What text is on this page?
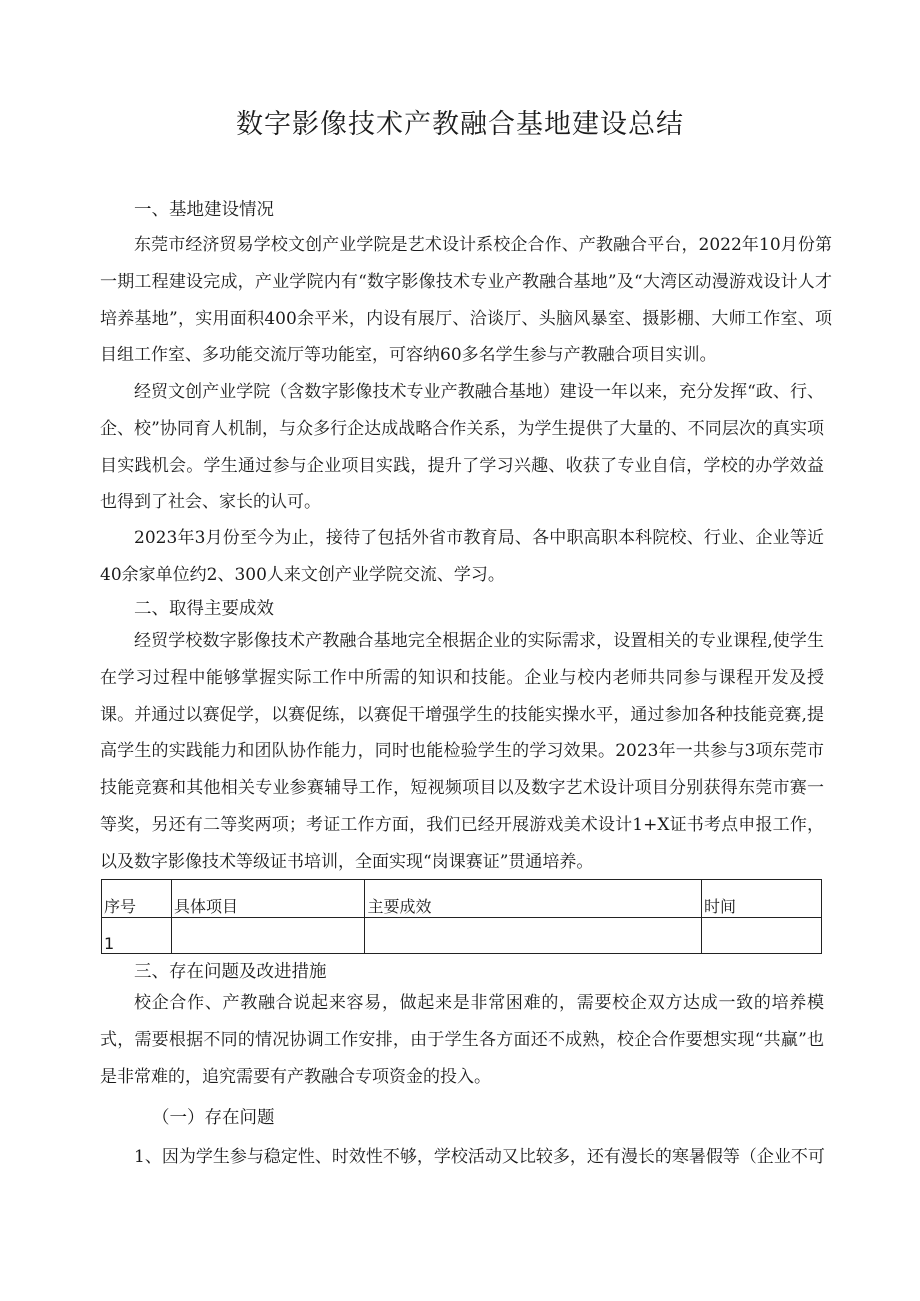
数字影像技术产教融合基地建设总结
一、基地建设情况

东莞市经济贸易学校文创产业学院是艺术设计系校企合作、产教融合平台，2022年10月份第一期工程建设完成，产业学院内有“数字影像技术专业产教融合基地”及“大湾区动漫游戏设计人才培养基地”，实用面积400余平米，内设有展厅、洽谈厅、头脑风暴室、摄影棚、大师工作室、项目组工作室、多功能交流厅等功能室，可容纳60多名学生参与产教融合项目实训。

经贸文创产业学院（含数字影像技术专业产教融合基地）建设一年以来，充分发挥“政、行、企、校”协同育人机制，与众多行企达成战略合作关系，为学生提供了大量的、不同层次的真实项目实践机会。学生通过参与企业项目实践，提升了学习兴趣、收获了专业自信，学校的办学效益也得到了社会、家长的认可。

2023年3月份至今为止，接待了包括外省市教育局、各中职高职本科院校、行业、企业等近40余家单位约2、300人来文创产业学院交流、学习。

二、取得主要成效

经贸学校数字影像技术产教融合基地完全根据企业的实际需求，设置相关的专业课程,使学生在学习过程中能够掌握实际工作中所需的知识和技能。企业与校内老师共同参与课程开发及授课。并通过以赛促学，以赛促练，以赛促干增强学生的技能实操水平，通过参加各种技能竞赛,提高学生的实践能力和团队协作能力，同时也能检验学生的学习效果。2023年一共参与3项东莞市技能竞赛和其他相关专业参赛辅导工作，短视频项目以及数字艺术设计项目分别获得东莞市赛一等奖，另还有二等奖两项；考证工作方面，我们已经开展游戏美术设计1+X证书考点申报工作，以及数字影像技术等级证书培训，全面实现“岗课赛证”贯通培养。

序号	具体项目	主要成效	时间
1			
三、存在问题及改进措施

校企合作、产教融合说起来容易，做起来是非常困难的，需要校企双方达成一致的培养模式，需要根据不同的情况协调工作安排，由于学生各方面还不成熟，校企合作要想实现“共赢”也是非常难的，追究需要有产教融合专项资金的投入。

（一）存在问题
1、因为学生参与稳定性、时效性不够，学校活动又比较多，还有漫长的寒暑假等（企业不可
